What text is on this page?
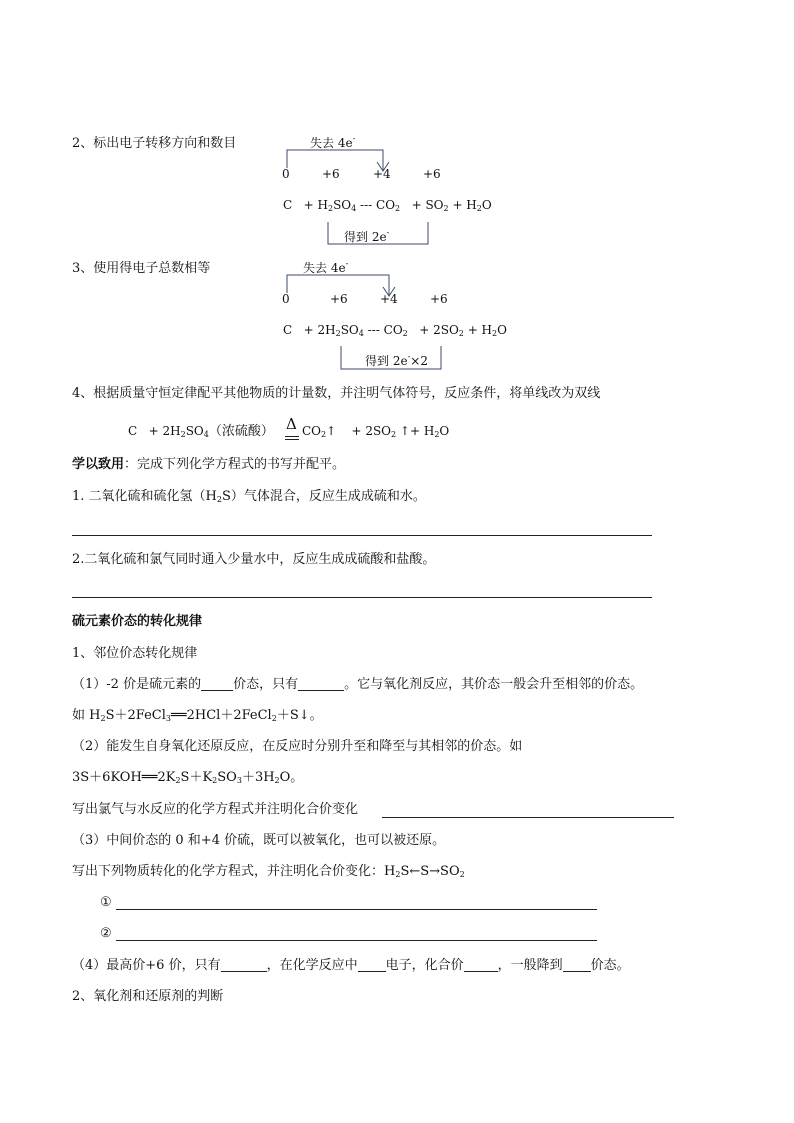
2、标出电子转移方向和数目	失去 4e-
0	+6	+4	+6
$C + H_2SO_4$ --- $CO_2 + SO_2 + H_2O$
得到 2e-
3、使用得电子总数相等	失去 4e-
0	+6	+4	+6
$C + 2H_2SO_4$ --- $CO_2 + 2SO_2 + H_2O$
得到 2e-×2
4、根据质量守恒定律配平其他物质的计量数，并注明气体符号，反应条件，将单线改为双线
$C + 2H_2SO_4$（浓硫酸） Δ $CO_2↑ + 2SO_2$ ↑+ $H_2O$
学以致用：完成下列化学方程式的书写并配平。
1. 二氧化硫和硫化氢$(H_2S)$气体混合，反应生成成硫和水。
2.二氧化硫和氯气同时通入少量水中，反应生成成硫酸和盐酸。
硫元素价态的转化规律
1、邻位价态转化规律
（1）-2 价是硫元素的 价态，只有	。它与氧化剂反应，其价态一般会升至相邻的价态。
如 $H_2S+2FeCl_3══2HCl+2FeCl_2+S↓$。
（2）能发生自身氧化还原反应，在反应时分别升至和降至与其相邻的价态。如
$3S+6KOH══2K_2S+K_2SO_3+3H_2O$。
写出氯气与水反应的化学方程式并注明化合价变化
（3）中间价态的 0 和+4 价硫，既可以被氧化，也可以被还原。
写出下列物质转化的化学方程式，并注明化合价变化：$H_2S\leftarrow S\to SO_2$
①
②
（4）最高价+6 价，只有	，在化学反应中 电子，化合价	，一般降到 价态。
2、氧化剂和还原剂的判断
